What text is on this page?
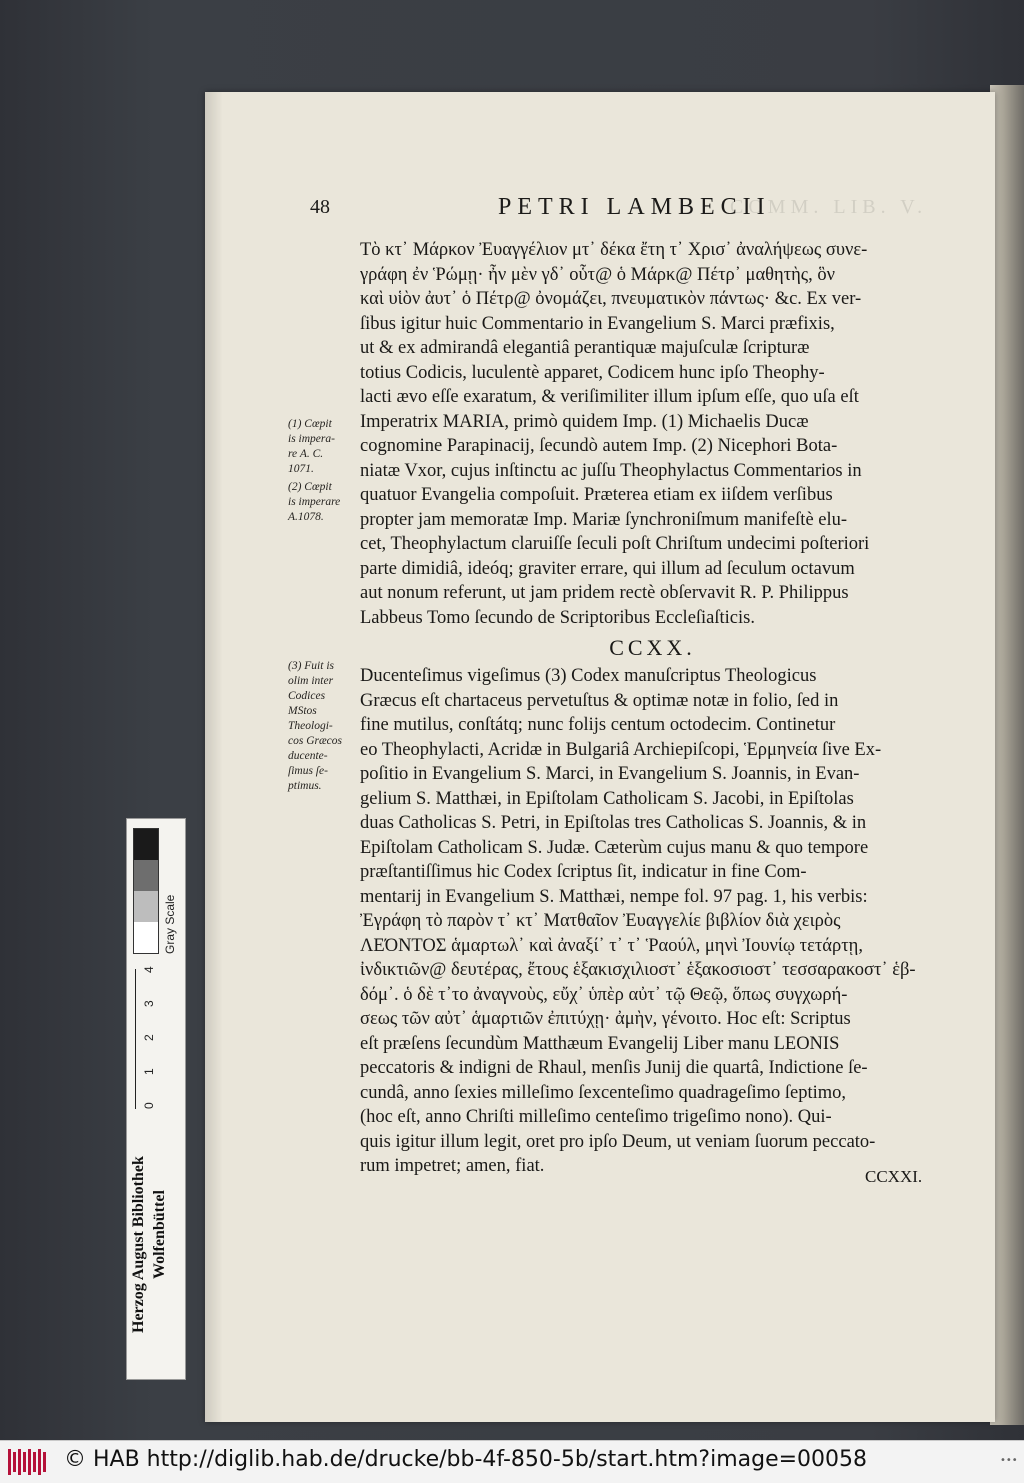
48	PETRI LAMBECII
COMM. LIB. V.

Τὸ κτ᾽ Μάρκον Ἐυαγγέλιον μτ᾽ δέκα ἔτη τ᾽ Χρισ᾽ ἀναλήψεως συνε-
γράφη ἐν Ῥώμῃ· ἦν μὲν γδ᾽ οὗτ@ ὁ Μάρκ@ Πέτρ᾽ μαθητὴς, ὃν
καὶ υἱὸν ἀυτ᾽ ὁ Πέτρ@ ὀνομάζει, πνευματικὸν πάντως· &c. Ex ver-
ſibus igitur huic Commentario in Evangelium S. Marci præfixis,
ut & ex admirandâ elegantiâ perantiquæ majuſculæ ſcripturæ
totius Codicis, luculentè apparet, Codicem hunc ipſo Theophy-
lacti ævo eſſe exaratum, & veriſimiliter illum ipſum eſſe, quo uſa eſt
Imperatrix MARIA, primò quidem Imp. (1) Michaelis Ducæ
cognomine Parapinacij, ſecundò autem Imp. (2) Nicephori Bota-
niatæ Vxor, cujus inſtinctu ac juſſu Theophylactus Commentarios in
quatuor Evangelia compoſuit. Præterea etiam ex iiſdem verſibus
propter jam memoratæ Imp. Mariæ ſynchroniſmum manifeſtè elu-
cet, Theophylactum claruiſſe ſeculi poſt Chriſtum undecimi poſteriori
parte dimidiâ, ideóq; graviter errare, qui illum ad ſeculum octavum
aut nonum referunt, ut jam pridem rectè obſervavit R. P. Philippus
Labbeus Tomo ſecundo de Scriptoribus Eccleſiaſticis.

CCXX.

Ducenteſimus vigeſimus (3) Codex manuſcriptus Theologicus
Græcus eſt chartaceus pervetuſtus & optimæ notæ in folio, ſed in
fine mutilus, conſtátq; nunc folijs centum octodecim. Continetur
eo Theophylacti, Acridæ in Bulgariâ Archiepiſcopi, Ἑρμηνεία ſive Ex-
poſitio in Evangelium S. Marci, in Evangelium S. Joannis, in Evan-
gelium S. Matthæi, in Epiſtolam Catholicam S. Jacobi, in Epiſtolas
duas Catholicas S. Petri, in Epiſtolas tres Catholicas S. Joannis, & in
Epiſtolam Catholicam S. Judæ. Cæterùm cujus manu & quo tempore
præſtantiſſimus hic Codex ſcriptus ſit, indicatur in fine Com-
mentarij in Evangelium S. Matthæi, nempe fol. 97 pag. 1, his verbis:
Ἐγράφη τὸ παρὸν τ᾽ κτ᾽ Ματθαῖον Ἐυαγγελίε βιβλίον διὰ χειρὸς
ΛΕΌΝΤΟΣ ἁμαρτωλ᾽ καὶ ἀναξί᾽ τ᾽ τ᾽ Ῥαούλ, μηνὶ Ἰουνίῳ τετάρτῃ,
ἰνδικτιῶν@ δευτέρας, ἔτους ἑξακισχιλιοστ᾽ ἑξακοσιοστ᾽ τεσσαρακοστ᾽ ἑβ-
δόμ᾽. ὁ δὲ τ᾽το ἀναγνοὺς, εὔχ᾽ ὑπὲρ αὐτ᾽ τῷ Θεῷ, ὅπως συγχωρή-
σεως τῶν αὐτ᾽ ἁμαρτιῶν ἐπιτύχῃ· ἀμὴν, γένοιτο. Hoc eſt: Scriptus
eſt præſens ſecundùm Matthæum Evangelij Liber manu LEONIS
peccatoris & indigni de Rhaul, menſis Junij die quartâ, Indictione ſe-
cundâ, anno ſexies milleſimo ſexcenteſimo quadrageſimo ſeptimo,
(hoc eſt, anno Chriſti milleſimo centeſimo trigeſimo nono). Qui-
quis igitur illum legit, oret pro ipſo Deum, ut veniam ſuorum peccato-
rum impetret; amen, fiat.

(1) Cœpit
is impera-
re A. C.
1071.
(2) Cœpit
is imperare
A.1078.
(3) Fuit is
olim inter
Codices
MStos
Theologi-
cos Græcos
ducente-
ſimus ſe-
ptimus.
CCXXI.
Herzog August Bibliothek Wolfenbüttel
0
1
2
3
4
Gray Scale
© HAB http://diglib.hab.de/drucke/bb-4f-850-5b/start.htm?image=00058	•••
